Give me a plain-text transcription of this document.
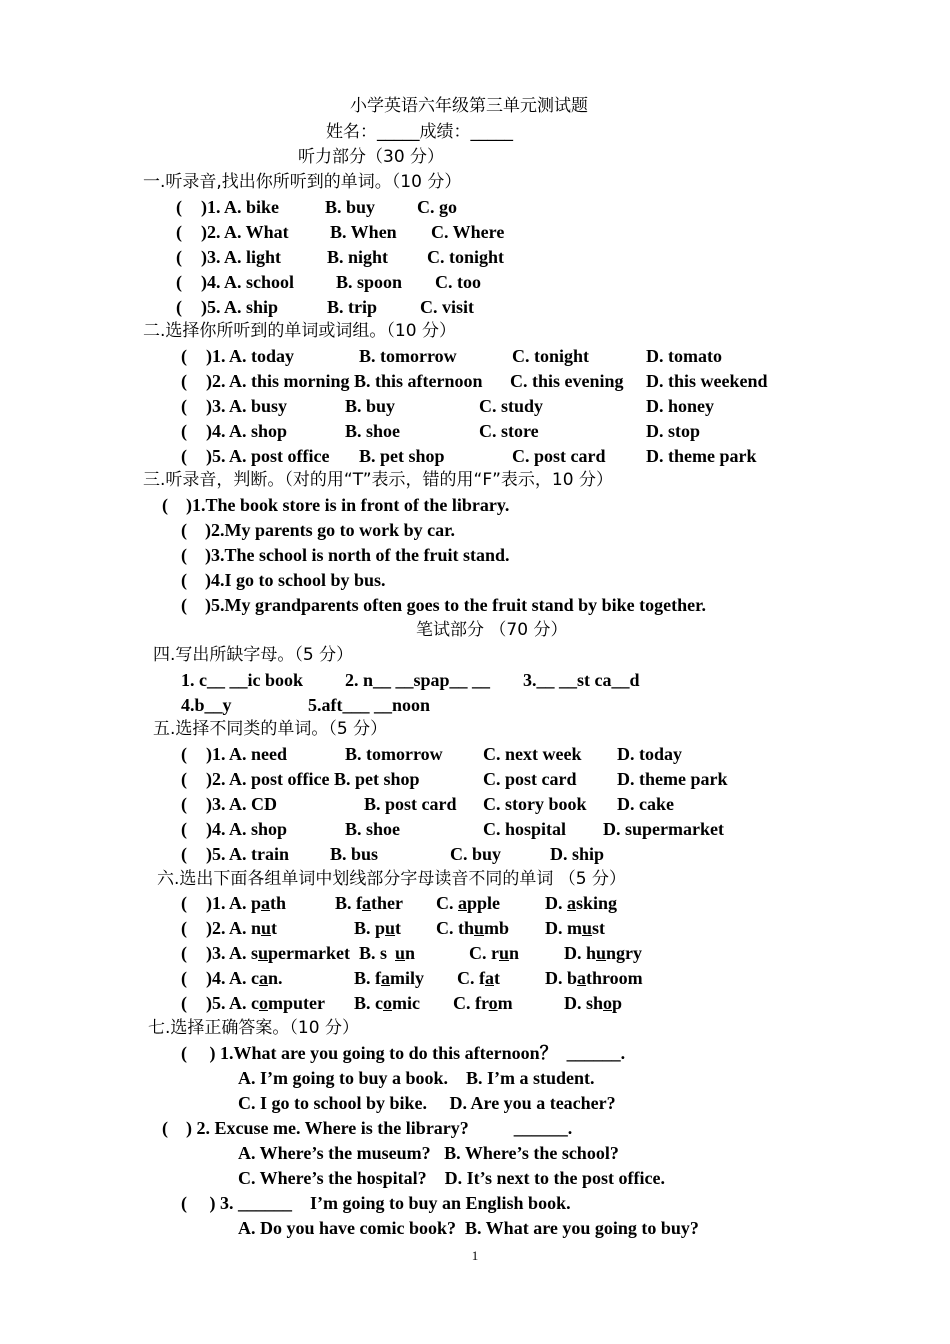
小学英语六年级第三单元测试题
姓名：_____成绩：_____
听力部分（30 分）
一.听录音,找出你所听到的单词。（10 分）
( )1. A. bike	B. buy C. go
( )2. A. What B. When C. Where
( )3. A. light	B. night C. tonight
( )4. A. school B. spoon C. too
( )5. A. ship	B. trip C. visit
二.选择你所听到的单词或词组。（10 分）
( )1. A. today	B. tomorrow	C. tonight	D. tomato
( )2. A. this morning B. this afternoon C. this evening D. this weekend
( )3. A. busy	B. buy	C. study	D. honey
( )4. A. shop	B. shoe	C. store	D. stop
( )5. A. post office B. pet shop	C. post card D. theme park
三.听录音，判断。（对的用“T”表示，错的用“F”表示，10 分）
(    )1.The book store is in front of the library.
(    )2.My parents go to work by car.
(    )3.The school is north of the fruit stand.
(    )4.I go to school by bus.
(    )5.My grandparents often goes to the fruit stand by bike together.
笔试部分 （70 分）
四.写出所缺字母。（5 分）
1. c__ __ic book 2. n__ __spap__ __ 3.__ __st ca__d
4.b__y	5.aft___ __noon
五.选择不同类的单词。（5 分）
( )1. A. need	B. tomorrow C. next week D. today
( )2. A. post office B. pet shop	C. post card D. theme park
( )3. A. CD	B. post card C. story book D. cake
( )4. A. shop	B. shoe	C. hospital D. supermarket
( )5. A. train B. bus	C. buy	D. ship
六.选出下面各组单词中划线部分字母读音不同的单词 （5 分）
( )1. A. path	B. father C. apple D. asking
( )2. A. nut	B. put C. thumb D. must
( )3. A. supermarket  B. s un	C. run D. hungry
( )4. A. can.	B. family C. fat	D. bathroom
( )5. A. computer B. comic C. from	D. shop
七.选择正确答案。（10 分）
(     ) 1.What are you going to do this afternoon？  ______.
A. I’m going to buy a book.    B. I’m a student.
C. I go to school by bike.     D. Are you a teacher?
(    ) 2. Excuse me. Where is the library?          ______.
A. Where’s the museum?   B. Where’s the school?
C. Where’s the hospital?    D. It’s next to the post office.
(     ) 3. ______    I’m going to buy an English book.
A. Do you have comic book?  B. What are you going to buy?
1
